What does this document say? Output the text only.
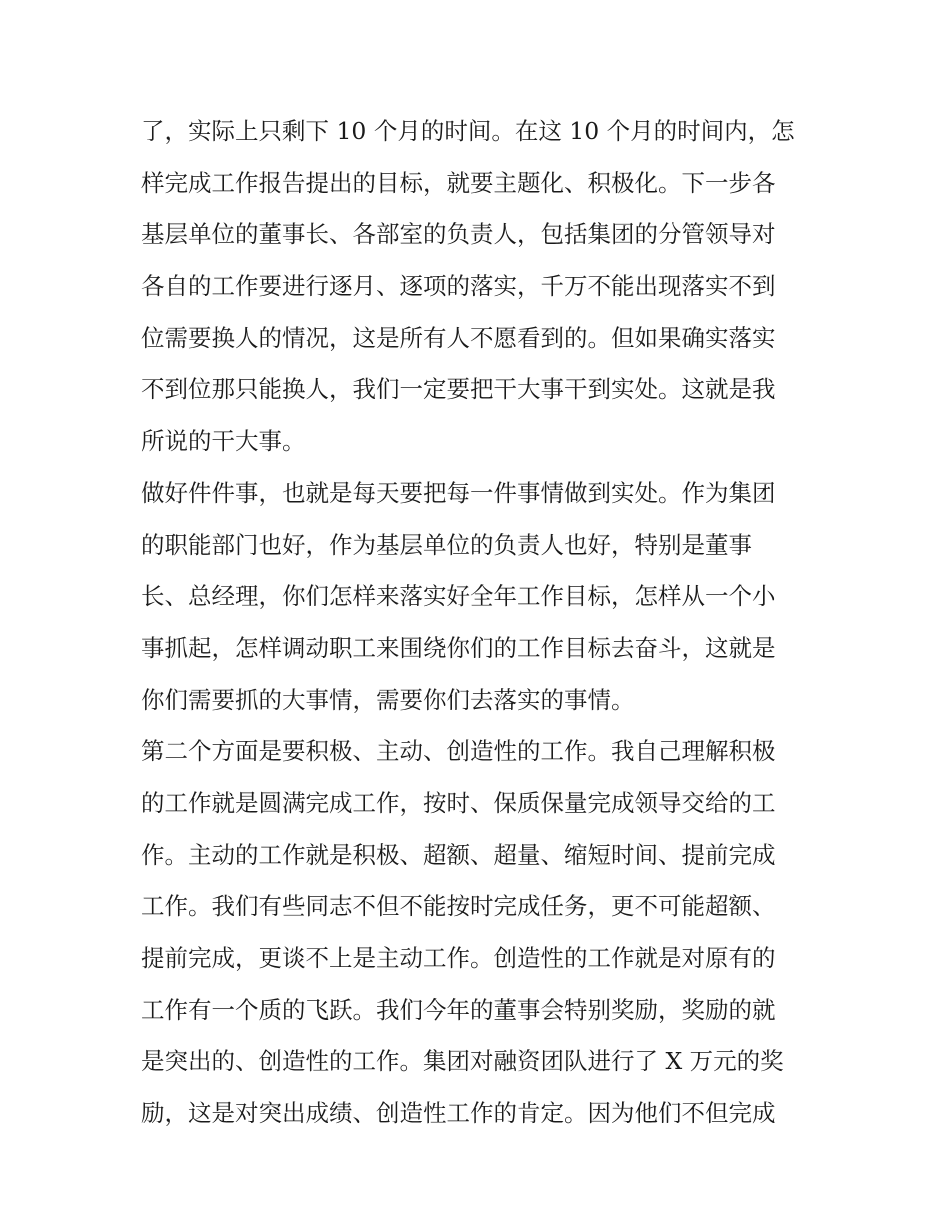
了，实际上只剩下 10 个月的时间。在这 10 个月的时间内，怎
样完成工作报告提出的目标，就要主题化、积极化。下一步各
基层单位的董事长、各部室的负责人，包括集团的分管领导对
各自的工作要进行逐月、逐项的落实，千万不能出现落实不到
位需要换人的情况，这是所有人不愿看到的。但如果确实落实
不到位那只能换人，我们一定要把干大事干到实处。这就是我
所说的干大事。
做好件件事，也就是每天要把每一件事情做到实处。作为集团
的职能部门也好，作为基层单位的负责人也好，特别是董事
长、总经理，你们怎样来落实好全年工作目标，怎样从一个小
事抓起，怎样调动职工来围绕你们的工作目标去奋斗，这就是
你们需要抓的大事情，需要你们去落实的事情。
第二个方面是要积极、主动、创造性的工作。我自己理解积极
的工作就是圆满完成工作，按时、保质保量完成领导交给的工
作。主动的工作就是积极、超额、超量、缩短时间、提前完成
工作。我们有些同志不但不能按时完成任务，更不可能超额、
提前完成，更谈不上是主动工作。创造性的工作就是对原有的
工作有一个质的飞跃。我们今年的董事会特别奖励，奖励的就
是突出的、创造性的工作。集团对融资团队进行了 X 万元的奖
励，这是对突出成绩、创造性工作的肯定。因为他们不但完成
